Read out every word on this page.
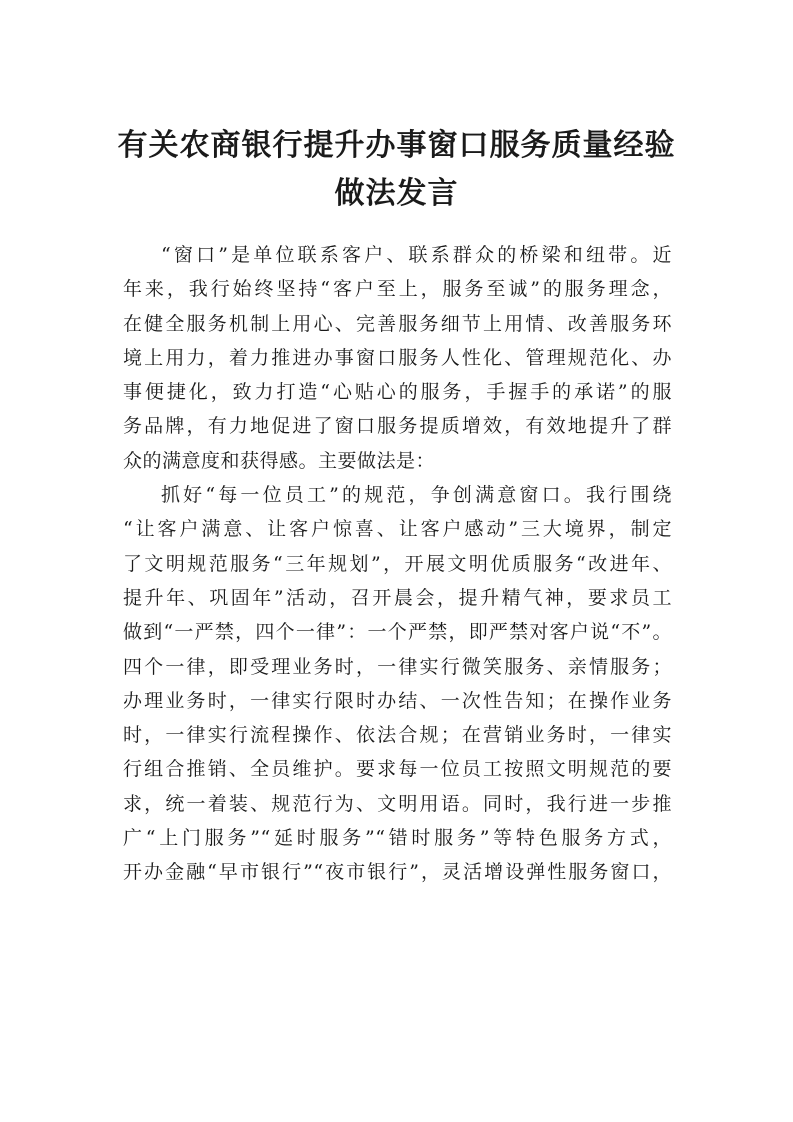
有关农商银行提升办事窗口服务质量经验
做法发言
“窗口”是单位联系客户、联系群众的桥梁和纽带。近
年来，我行始终坚持“客户至上，服务至诚”的服务理念，
在健全服务机制上用心、完善服务细节上用情、改善服务环
境上用力，着力推进办事窗口服务人性化、管理规范化、办
事便捷化，致力打造“心贴心的服务，手握手的承诺”的服
务品牌，有力地促进了窗口服务提质增效，有效地提升了群
众的满意度和获得感。主要做法是：
抓好“每一位员工”的规范，争创满意窗口。我行围绕
“让客户满意、让客户惊喜、让客户感动”三大境界，制定
了文明规范服务“三年规划”，开展文明优质服务“改进年、
提升年、巩固年”活动，召开晨会，提升精气神，要求员工
做到“一严禁，四个一律”：一个严禁，即严禁对客户说“不”。
四个一律，即受理业务时，一律实行微笑服务、亲情服务；
办理业务时，一律实行限时办结、一次性告知；在操作业务
时，一律实行流程操作、依法合规；在营销业务时，一律实
行组合推销、全员维护。要求每一位员工按照文明规范的要
求，统一着装、规范行为、文明用语。同时，我行进一步推
广“上门服务”“延时服务”“错时服务”等特色服务方式，
开办金融“早市银行”“夜市银行”，灵活增设弹性服务窗口，
